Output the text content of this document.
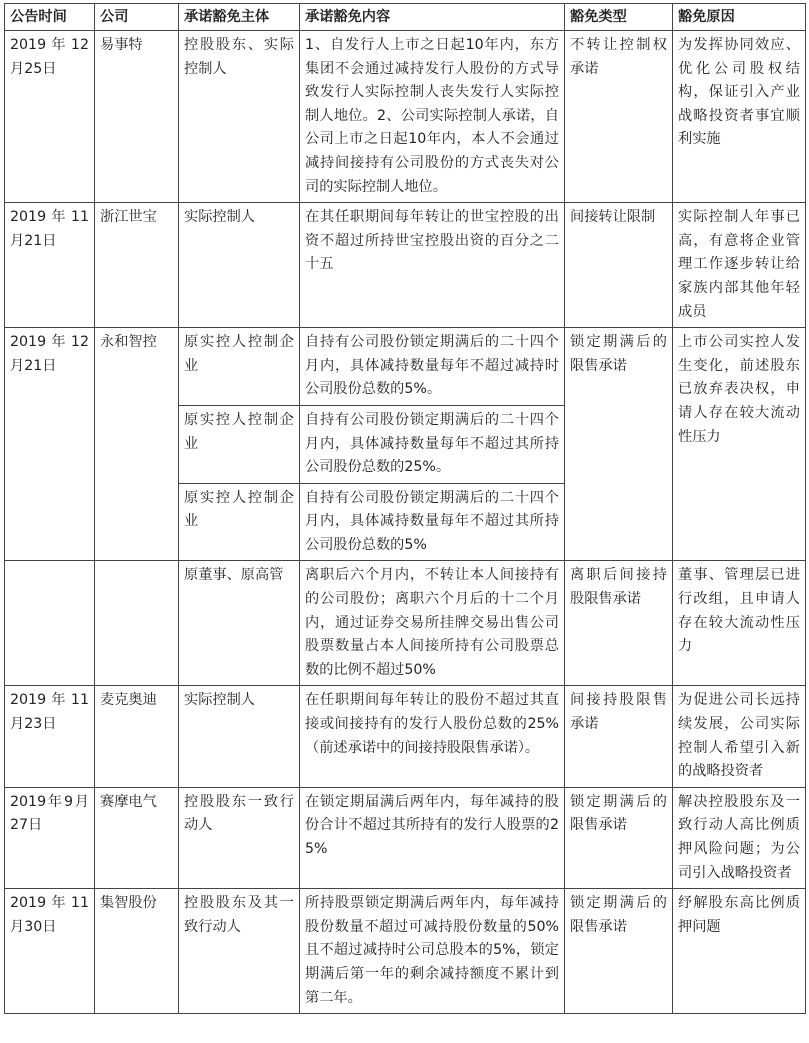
公告时间	公司	承诺豁免主体	承诺豁免内容	豁免类型	豁免原因
2019年12月25日	易事特	控股股东、实际控制人	1、自发行人上市之日起10年内，东方集团不会通过减持发行人股份的方式导致发行人实际控制人丧失发行人实际控制人地位。2、公司实际控制人承诺，自公司上市之日起10年内，本人不会通过减持间接持有公司股份的方式丧失对公司的实际控制人地位。	不转让控制权承诺	为发挥协同效应、优化公司股权结构，保证引入产业战略投资者事宜顺利实施
2019年11月21日	浙江世宝	实际控制人	在其任职期间每年转让的世宝控股的出资不超过所持世宝控股出资的百分之二十五	间接转让限制	实际控制人年事已高，有意将企业管理工作逐步转让给家族内部其他年轻成员
2019年12月21日	永和智控	原实控人控制企业	自持有公司股份锁定期满后的二十四个月内，具体减持数量每年不超过减持时公司股份总数的5%。	锁定期满后的限售承诺	上市公司实控人发生变化，前述股东已放弃表决权，申请人存在较大流动性压力
		原实控人控制企业	自持有公司股份锁定期满后的二十四个月内，具体减持数量每年不超过其所持公司股份总数的25%。		
		原实控人控制企业	自持有公司股份锁定期满后的二十四个月内，具体减持数量每年不超过其所持公司股份总数的5%		
		原董事、原高管	离职后六个月内，不转让本人间接持有的公司股份；离职六个月后的十二个月内，通过证券交易所挂牌交易出售公司股票数量占本人间接所持有公司股票总数的比例不超过50%	离职后间接持股限售承诺	董事、管理层已进行改组，且申请人存在较大流动性压力
2019年11月23日	麦克奥迪	实际控制人	在任职期间每年转让的股份不超过其直接或间接持有的发行人股份总数的25%（前述承诺中的间接持股限售承诺）。	间接持股限售承诺	为促进公司长远持续发展，公司实际控制人希望引入新的战略投资者
2019年9月27日	赛摩电气	控股股东一致行动人	在锁定期届满后两年内，每年减持的股份合计不超过其所持有的发行人股票的25%	锁定期满后的限售承诺	解决控股股东及一致行动人高比例质押风险问题；为公司引入战略投资者
2019年11月30日	集智股份	控股股东及其一致行动人	所持股票锁定期满后两年内，每年减持股份数量不超过可减持股份数量的50%且不超过减持时公司总股本的5%，锁定期满后第一年的剩余减持额度不累计到第二年。	锁定期满后的限售承诺	纾解股东高比例质押问题
